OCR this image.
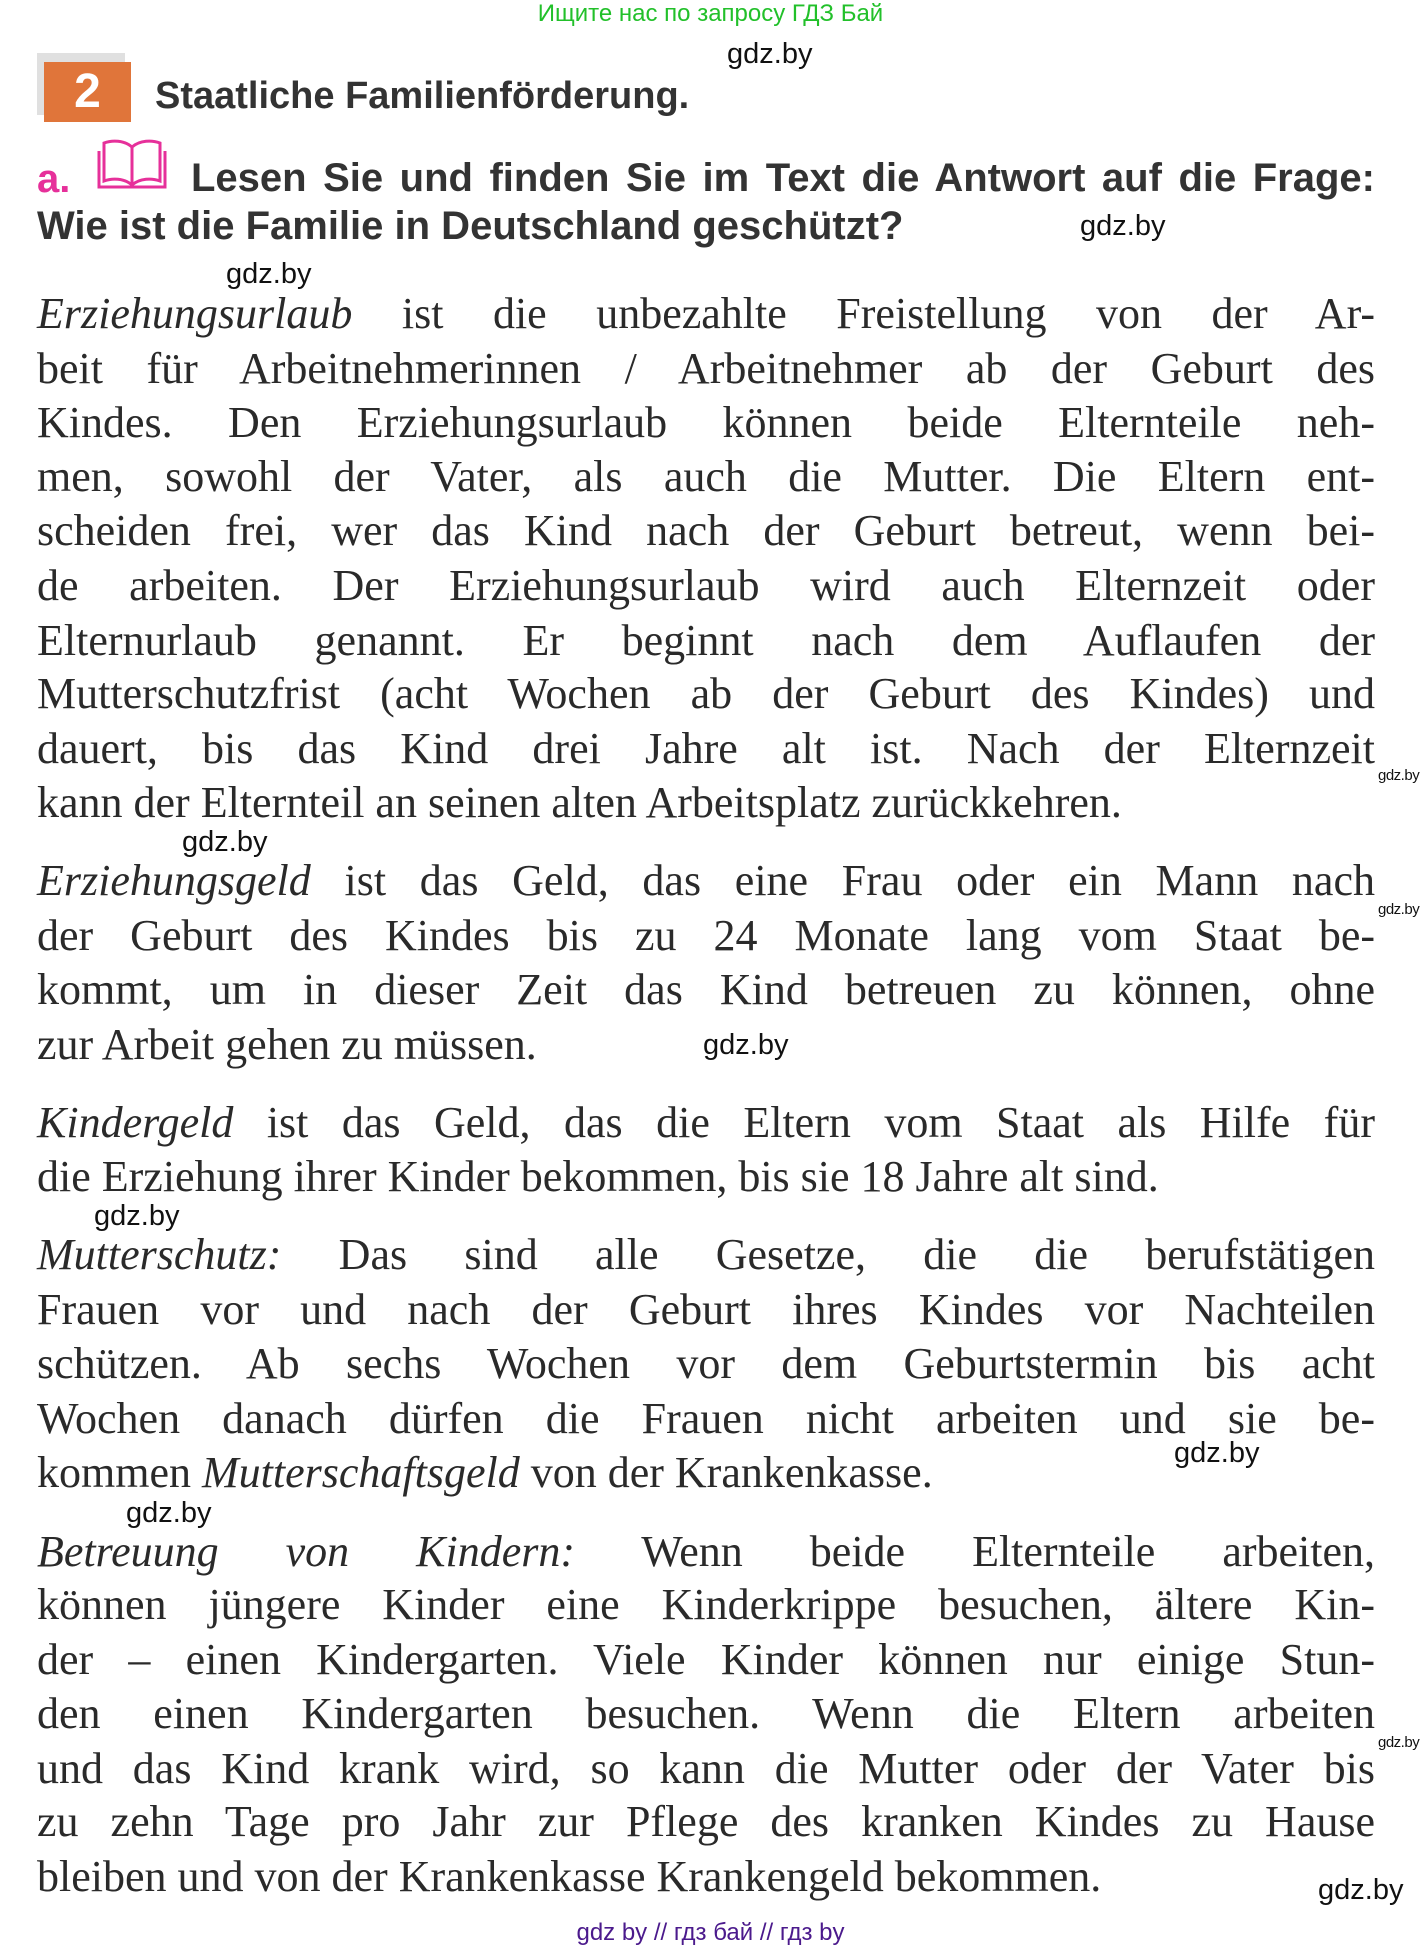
Ищите нас по запросу ГДЗ Бай
2	Staatliche Familienförderung.
a.	Lesen Sie und finden Sie im Text die Antwort auf die Frage:
Wie ist die Familie in Deutschland geschützt?
Erziehungsurlaub ist die unbezahlte Freistellung von der Ar-
beit für Arbeitnehmerinnen / Arbeitnehmer ab der Geburt des
Kindes. Den Erziehungsurlaub können beide Elternteile neh-
men, sowohl der Vater, als auch die Mutter. Die Eltern ent-
scheiden frei, wer das Kind nach der Geburt betreut, wenn bei-
de arbeiten. Der Erziehungsurlaub wird auch Elternzeit oder
Elternurlaub genannt. Er beginnt nach dem Auflaufen der
Mutterschutzfrist (acht Wochen ab der Geburt des Kindes) und
dauert, bis das Kind drei Jahre alt ist. Nach der Elternzeit
kann der Elternteil an seinen alten Arbeitsplatz zurückkehren.
Erziehungsgeld ist das Geld, das eine Frau oder ein Mann nach
der Geburt des Kindes bis zu 24 Monate lang vom Staat be-
kommt, um in dieser Zeit das Kind betreuen zu können, ohne
zur Arbeit gehen zu müssen.
Kindergeld ist das Geld, das die Eltern vom Staat als Hilfe für
die Erziehung ihrer Kinder bekommen, bis sie 18 Jahre alt sind.
Mutterschutz: Das sind alle Gesetze, die die berufstätigen
Frauen vor und nach der Geburt ihres Kindes vor Nachteilen
schützen. Ab sechs Wochen vor dem Geburtstermin bis acht
Wochen danach dürfen die Frauen nicht arbeiten und sie be-
kommen Mutterschaftsgeld von der Krankenkasse.
Betreuung von Kindern: Wenn beide Elternteile arbeiten,
können jüngere Kinder eine Kinderkrippe besuchen, ältere Kin-
der – einen Kindergarten. Viele Kinder können nur einige Stun-
den einen Kindergarten besuchen. Wenn die Eltern arbeiten
und das Kind krank wird, so kann die Mutter oder der Vater bis
zu zehn Tage pro Jahr zur Pflege des kranken Kindes zu Hause
bleiben und von der Krankenkasse Krankengeld bekommen.
gdz.by
gdz.by
gdz.by
gdz.by
gdz.by
gdz.by
gdz.by
gdz.by
gdz.by
gdz.by
gdz.by
gdz.by
gdz by // гдз бай // гдз by
